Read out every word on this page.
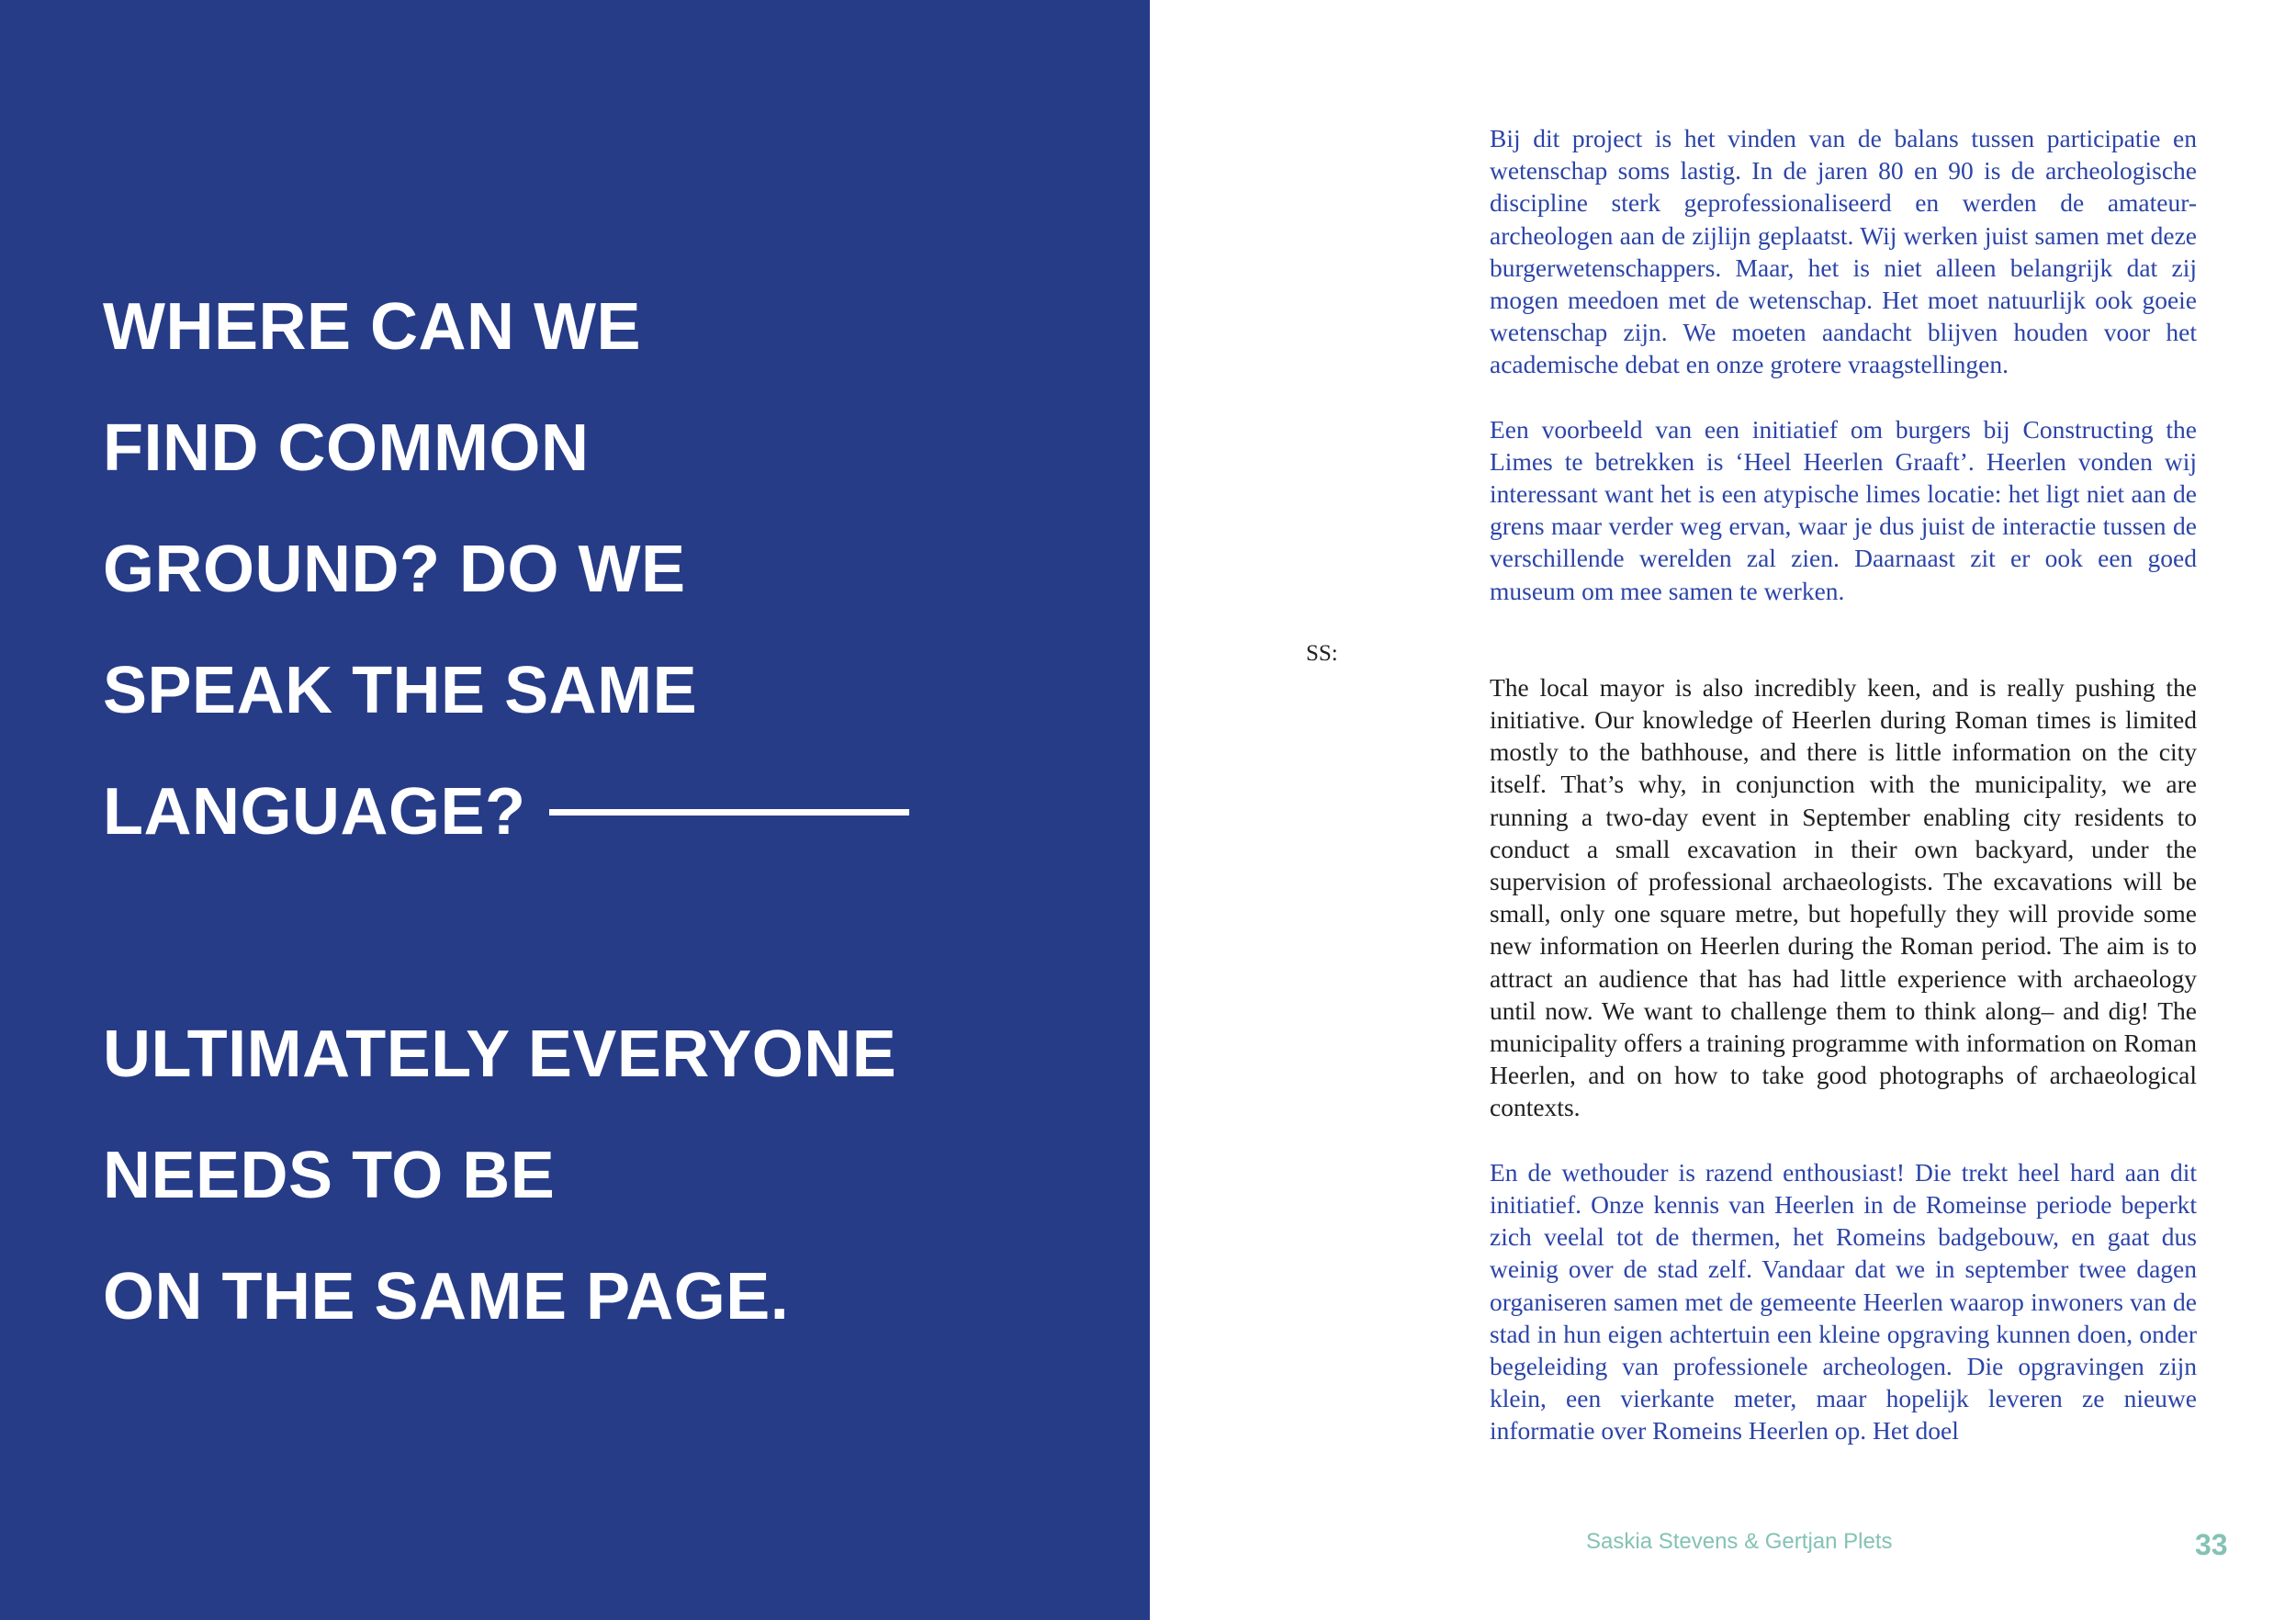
WHERE CAN WE
FIND COMMON
GROUND? DO WE
SPEAK THE SAME
LANGUAGE?
ULTIMATELY EVERYONE
NEEDS TO BE
ON THE SAME PAGE.
SS:

Bij dit project is het vinden van de balans tussen participatie en wetenschap soms lastig. In de jaren 80 en 90 is de archeologische discipline sterk geprofessionaliseerd en werden de amateur-archeologen aan de zijlijn geplaatst. Wij werken juist samen met deze burgerwetenschappers. Maar, het is niet alleen belangrijk dat zij mogen meedoen met de wetenschap. Het moet natuurlijk ook goeie wetenschap zijn. We moeten aandacht blijven houden voor het academische debat en onze grotere vraagstellingen.

Een voorbeeld van een initiatief om burgers bij Constructing the Limes te betrekken is ‘Heel Heerlen Graaft’. Heerlen vonden wij interessant want het is een atypische limes locatie: het ligt niet aan de grens maar verder weg ervan, waar je dus juist de interactie tussen de verschillende werelden zal zien. Daarnaast zit er ook een goed museum om mee samen te werken.

The local mayor is also incredibly keen, and is really pushing the initiative. Our knowledge of Heerlen during Roman times is limited mostly to the bathhouse, and there is little information on the city itself. That’s why, in conjunction with the municipality, we are running a two-day event in September enabling city residents to conduct a small excavation in their own backyard, under the supervision of professional archaeologists. The excavations will be small, only one square metre, but hopefully they will provide some new information on Heerlen during the Roman period. The aim is to attract an audience that has had little experience with archaeology until now. We want to challenge them to think along– and dig! The municipality offers a training programme with information on Roman Heerlen, and on how to take good photographs of archaeological contexts.

En de wethouder is razend enthousiast! Die trekt heel hard aan dit initiatief. Onze kennis van Heerlen in de Romeinse periode beperkt zich veelal tot de thermen, het Romeins badgebouw, en gaat dus weinig over de stad zelf. Vandaar dat we in september twee dagen organiseren samen met de gemeente Heerlen waarop inwoners van de stad in hun eigen achtertuin een kleine opgraving kunnen doen, onder begeleiding van professionele archeologen. Die opgravingen zijn klein, een vierkante meter, maar hopelijk leveren ze nieuwe informatie over Romeins Heerlen op. Het doel

Saskia Stevens & Gertjan Plets	33
